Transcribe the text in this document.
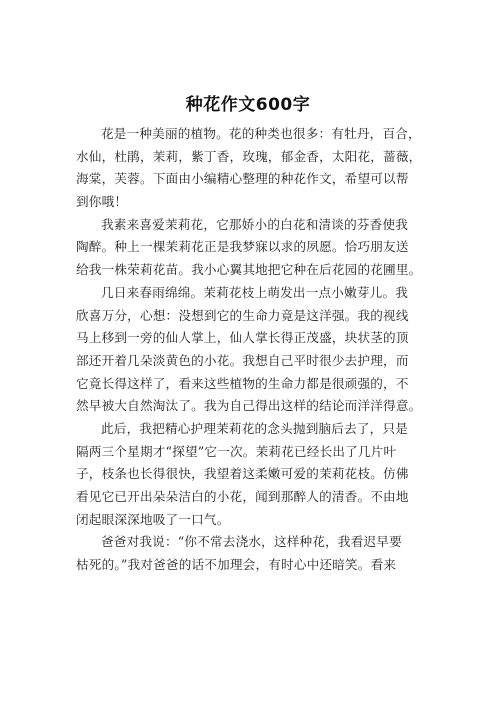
种花作文600字
花是一种美丽的植物。花的种类也很多：有牡丹，百合，
水仙，杜鹃，茉莉，紫丁香，玫瑰，郁金香，太阳花，蔷薇，
海棠，芙蓉。下面由小编精心整理的种花作文，希望可以帮
到你哦！
我素来喜爱茉莉花，它那娇小的白花和清谈的芬香使我
陶醉。种上一棵茉莉花正是我梦寐以求的夙愿。恰巧朋友送
给我一株荣莉花苗。我小心翼其地把它种在后花园的花圃里。
几日来春雨绵绵。茉莉花枝上萌发出一点小嫩芽儿。我
欣喜万分，心想：没想到它的生命力竟是这洋强。我的视线
马上移到一旁的仙人掌上，仙人掌长得正茂盛，块状茎的顶
部还开着几朵淡黄色的小花。我想自己平时很少去护理，而
它竟长得这样了，看来这些植物的生命力都是很顽强的，不
然早被大自然淘汰了。我为自己得出这样的结论而洋洋得意。
此后，我把精心护理茉莉花的念头抛到脑后去了，只是
隔两三个星期才“探望”它一次。茉莉花已经长出了几片叶
子，枝条也长得很快，我望着这柔嫩可爱的茉莉花枝。仿佛
看见它已开出朵朵洁白的小花，闻到那醉人的清香。不由地
闭起眼深深地吸了一口气。
爸爸对我说：“你不常去浇水，这样种花，我看迟早要
枯死的。”我对爸爸的话不加理会，有时心中还暗笑。看来
